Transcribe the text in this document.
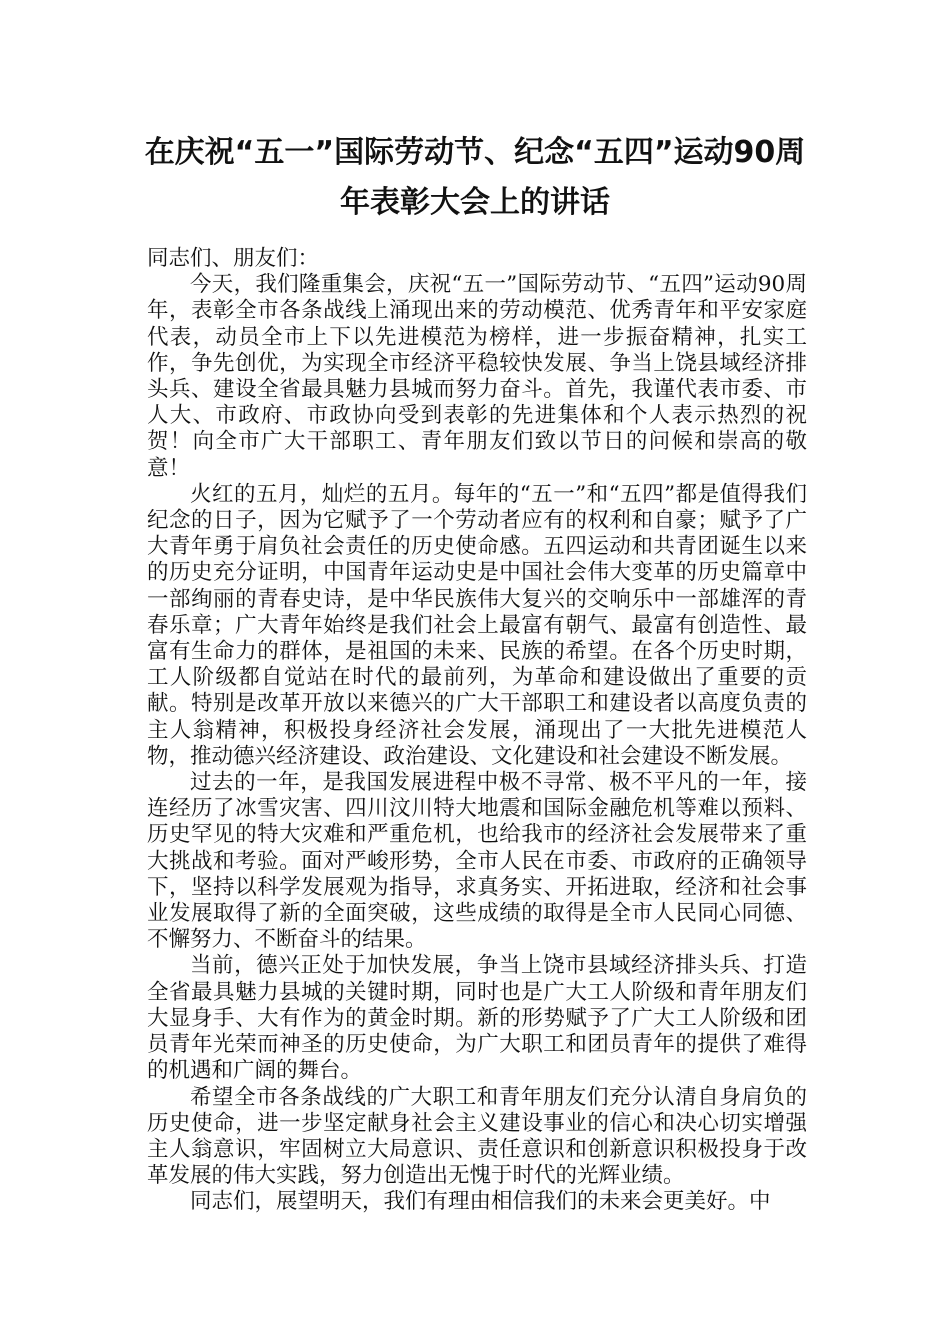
在庆祝“五一”国际劳动节、纪念“五四”运动90周
年表彰大会上的讲话

同志们、朋友们：

今天，我们隆重集会，庆祝“五一”国际劳动节、“五四”运动90周年，表彰全市各条战线上涌现出来的劳动模范、优秀青年和平安家庭代表，动员全市上下以先进模范为榜样，进一步振奋精神，扎实工作，争先创优，为实现全市经济平稳较快发展、争当上饶县域经济排头兵、建设全省最具魅力县城而努力奋斗。首先，我谨代表市委、市人大、市政府、市政协向受到表彰的先进集体和个人表示热烈的祝贺！向全市广大干部职工、青年朋友们致以节日的问候和崇高的敬意！

火红的五月，灿烂的五月。每年的“五一”和“五四”都是值得我们纪念的日子，因为它赋予了一个劳动者应有的权利和自豪；赋予了广大青年勇于肩负社会责任的历史使命感。五四运动和共青团诞生以来的历史充分证明，中国青年运动史是中国社会伟大变革的历史篇章中一部绚丽的青春史诗，是中华民族伟大复兴的交响乐中一部雄浑的青春乐章；广大青年始终是我们社会上最富有朝气、最富有创造性、最富有生命力的群体，是祖国的未来、民族的希望。在各个历史时期，工人阶级都自觉站在时代的最前列，为革命和建设做出了重要的贡献。特别是改革开放以来德兴的广大干部职工和建设者以高度负责的主人翁精神，积极投身经济社会发展，涌现出了一大批先进模范人物，推动德兴经济建设、政治建设、文化建设和社会建设不断发展。

过去的一年，是我国发展进程中极不寻常、极不平凡的一年，接连经历了冰雪灾害、四川汶川特大地震和国际金融危机等难以预料、历史罕见的特大灾难和严重危机，也给我市的经济社会发展带来了重大挑战和考验。面对严峻形势，全市人民在市委、市政府的正确领导下，坚持以科学发展观为指导，求真务实、开拓进取，经济和社会事业发展取得了新的全面突破，这些成绩的取得是全市人民同心同德、不懈努力、不断奋斗的结果。

当前，德兴正处于加快发展，争当上饶市县域经济排头兵、打造全省最具魅力县城的关键时期，同时也是广大工人阶级和青年朋友们大显身手、大有作为的黄金时期。新的形势赋予了广大工人阶级和团员青年光荣而神圣的历史使命，为广大职工和团员青年的提供了难得的机遇和广阔的舞台。

希望全市各条战线的广大职工和青年朋友们充分认清自身肩负的历史使命，进一步坚定献身社会主义建设事业的信心和决心切实增强主人翁意识，牢固树立大局意识、责任意识和创新意识积极投身于改革发展的伟大实践，努力创造出无愧于时代的光辉业绩。

同志们，展望明天，我们有理由相信我们的未来会更美好。中
